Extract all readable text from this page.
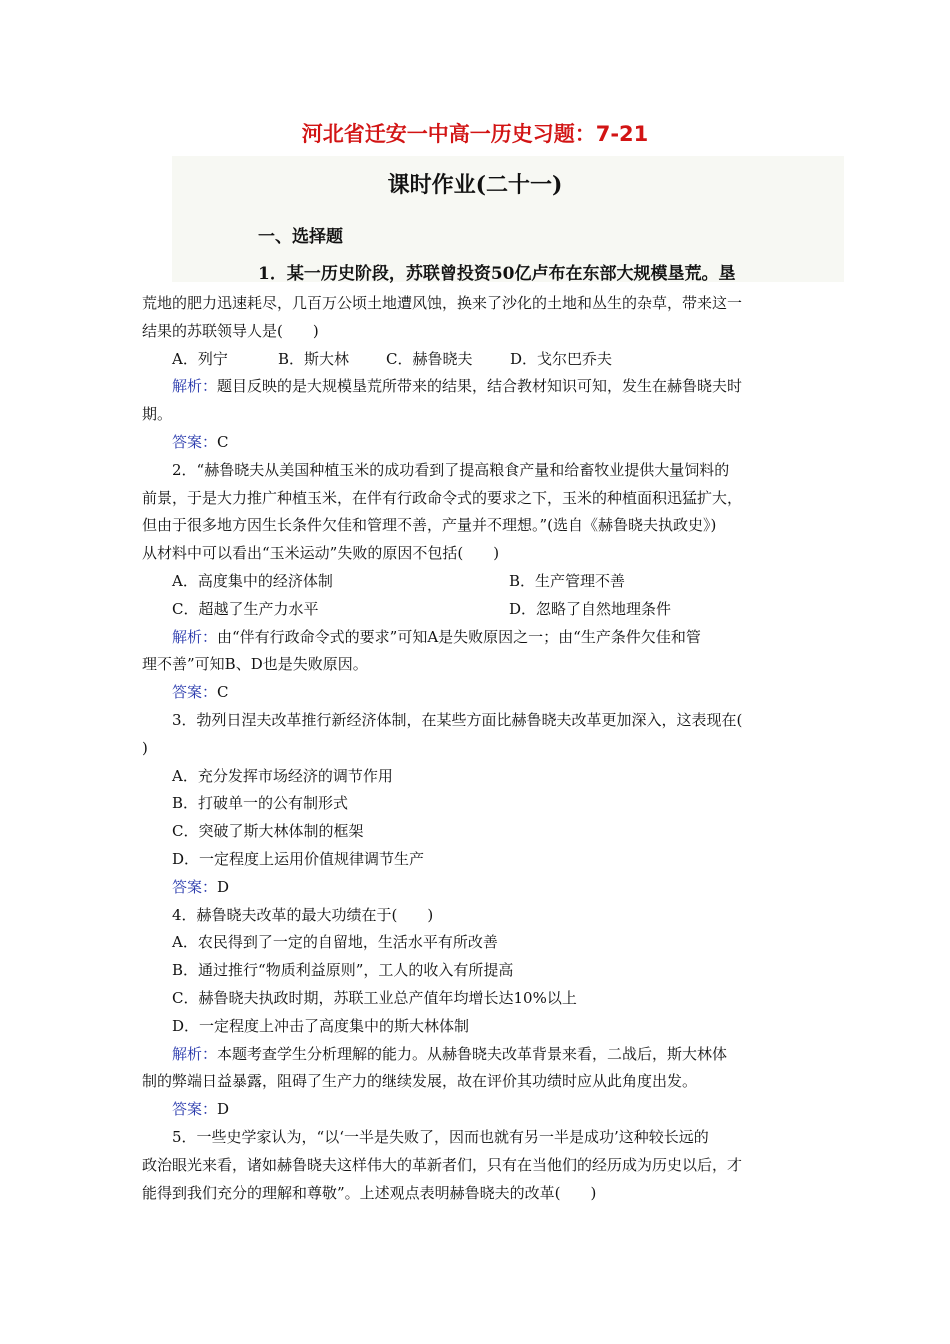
河北省迁安一中高一历史习题：7-21
课时作业(二十一)
一、选择题
1．某一历史阶段，苏联曾投资50亿卢布在东部大规模垦荒。垦
荒地的肥力迅速耗尽，几百万公顷土地遭风蚀，换来了沙化的土地和丛生的杂草，带来这一
结果的苏联领导人是(　　)
A．列宁	B．斯大林	C．赫鲁晓夫	D．戈尔巴乔夫
解析：题目反映的是大规模垦荒所带来的结果，结合教材知识可知，发生在赫鲁晓夫时
期。
答案：C
2．“赫鲁晓夫从美国种植玉米的成功看到了提高粮食产量和给畜牧业提供大量饲料的
前景，于是大力推广种植玉米，在伴有行政命令式的要求之下，玉米的种植面积迅猛扩大，
但由于很多地方因生长条件欠佳和管理不善，产量并不理想。”(选自《赫鲁晓夫执政史》)
从材料中可以看出“玉米运动”失败的原因不包括(　　)
A．高度集中的经济体制	B．生产管理不善
C．超越了生产力水平	D．忽略了自然地理条件
解析：由“伴有行政命令式的要求”可知A是失败原因之一；由“生产条件欠佳和管
理不善”可知B、D也是失败原因。
答案：C
3．勃列日涅夫改革推行新经济体制，在某些方面比赫鲁晓夫改革更加深入，这表现在(
)
A．充分发挥市场经济的调节作用
B．打破单一的公有制形式
C．突破了斯大林体制的框架
D．一定程度上运用价值规律调节生产
答案：D
4．赫鲁晓夫改革的最大功绩在于(　　)
A．农民得到了一定的自留地，生活水平有所改善
B．通过推行“物质利益原则”，工人的收入有所提高
C．赫鲁晓夫执政时期，苏联工业总产值年均增长达10%以上
D．一定程度上冲击了高度集中的斯大林体制
解析：本题考查学生分析理解的能力。从赫鲁晓夫改革背景来看，二战后，斯大林体
制的弊端日益暴露，阻碍了生产力的继续发展，故在评价其功绩时应从此角度出发。
答案：D
5．一些史学家认为，“以‘一半是失败了，因而也就有另一半是成功’这种较长远的
政治眼光来看，诸如赫鲁晓夫这样伟大的革新者们，只有在当他们的经历成为历史以后，才
能得到我们充分的理解和尊敬”。上述观点表明赫鲁晓夫的改革(　　)
